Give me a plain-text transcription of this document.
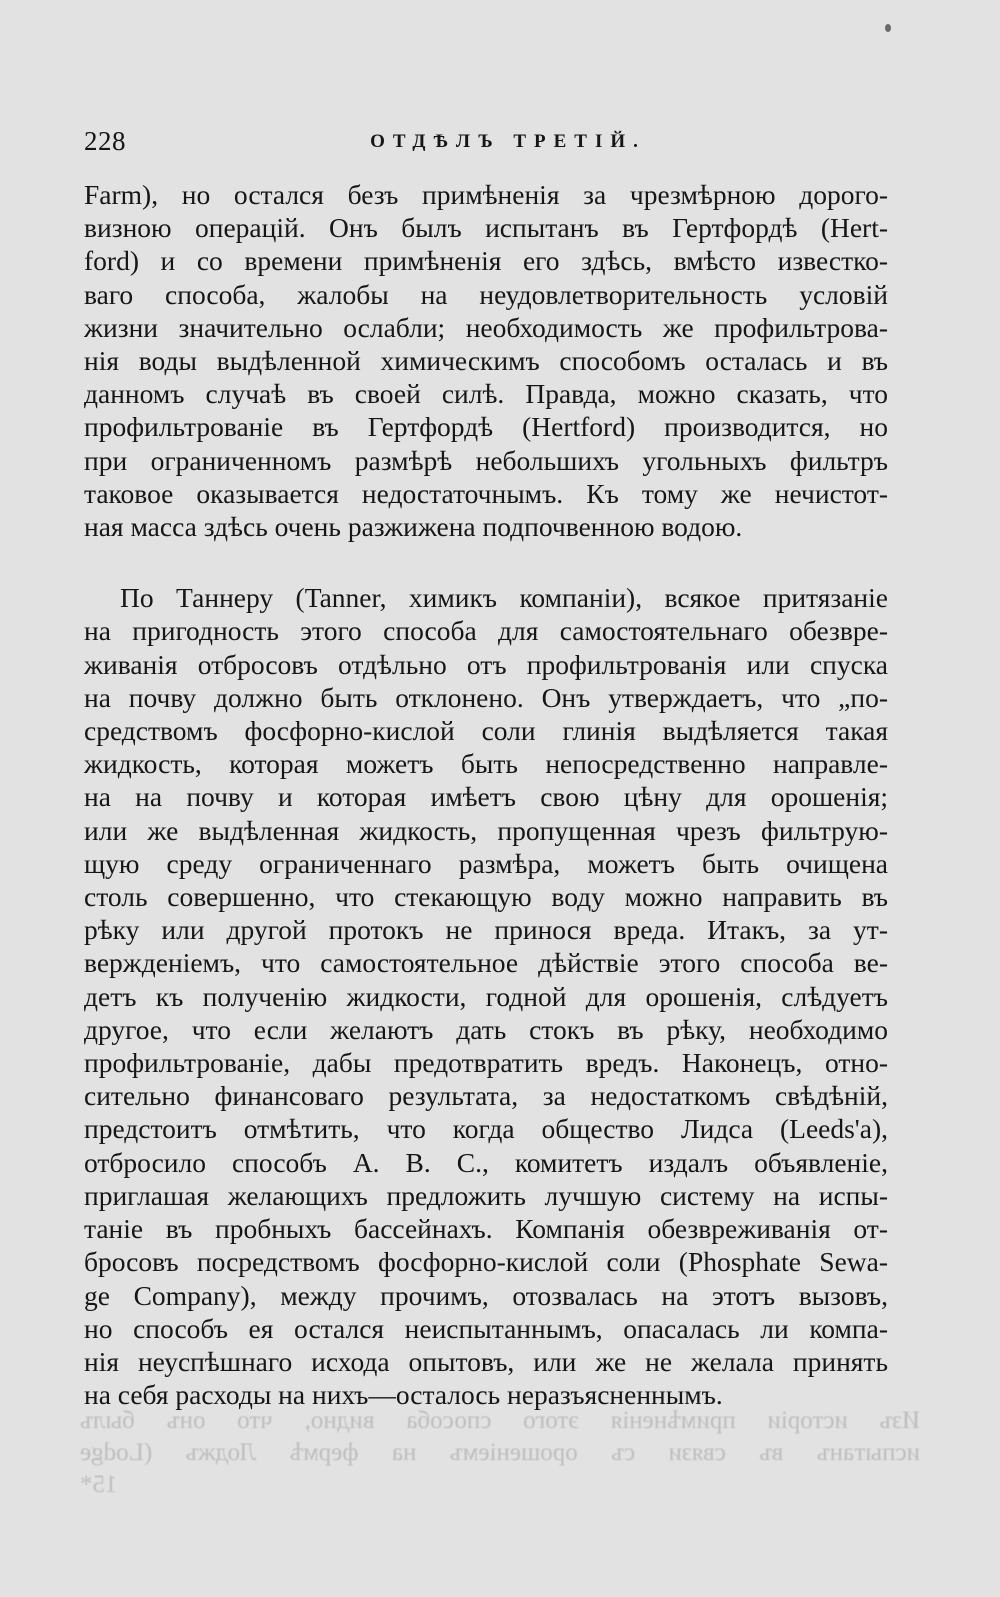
Изъ исторіи примѣненія этого способа видно, что онъ былъ
испытанъ въ связи съ орошеніемъ на фермѣ Лоджъ (Lodge
15*
228	ОТДѢЛЪ ТРЕТІЙ.
Farm), но остался безъ примѣненія за чрезмѣрною дорого-
визною операцій. Онъ былъ испытанъ въ Гертфордѣ (Hert-
ford) и со времени примѣненія его здѣсь, вмѣсто известко-
ваго способа, жалобы на неудовлетворительность условій
жизни значительно ослабли; необходимость же профильтрова-
нія воды выдѣленной химическимъ способомъ осталась и въ
данномъ случаѣ въ своей силѣ. Правда, можно сказать, что
профильтрованіе въ Гертфордѣ (Hertford) производится, но
при ограниченномъ размѣрѣ небольшихъ угольныхъ фильтръ
таковое оказывается недостаточнымъ. Къ тому же нечистот-
ная масса здѣсь очень разжижена подпочвенною водою.
По Таннеру (Tanner, химикъ компаніи), всякое притязаніе
на пригодность этого способа для самостоятельнаго обезвре-
живанія отбросовъ отдѣльно отъ профильтрованія или спуска
на почву должно быть отклонено. Онъ утверждаетъ, что „по-
средствомъ фосфорно-кислой соли глинія выдѣляется такая
жидкость, которая можетъ быть непосредственно направле-
на на почву и которая имѣетъ свою цѣну для орошенія;
или же выдѣленная жидкость, пропущенная чрезъ фильтрую-
щую среду ограниченнаго размѣра, можетъ быть очищена
столь совершенно, что стекающую воду можно направить въ
рѣку или другой протокъ не принося вреда. Итакъ, за ут-
вержденіемъ, что самостоятельное дѣйствіе этого способа ве-
детъ къ полученію жидкости, годной для орошенія, слѣдуетъ
другое, что если желаютъ дать стокъ въ рѣку, необходимо
профильтрованіе, дабы предотвратить вредъ. Наконецъ, отно-
сительно финансоваго результата, за недостаткомъ свѣдѣній,
предстоитъ отмѣтить, что когда общество Лидса (Leeds'а),
отбросило способъ А. В. С., комитетъ издалъ объявленіе,
приглашая желающихъ предложить лучшую систему на испы-
таніе въ пробныхъ бассейнахъ. Компанія обезвреживанія от-
бросовъ посредствомъ фосфорно-кислой соли (Phosphate Sewa-
ge Company), между прочимъ, отозвалась на этотъ вызовъ,
но способъ ея остался неиспытаннымъ, опасалась ли компа-
нія неуспѣшнаго исхода опытовъ, или же не желала принять
на себя расходы на нихъ—осталось неразъясненнымъ.
